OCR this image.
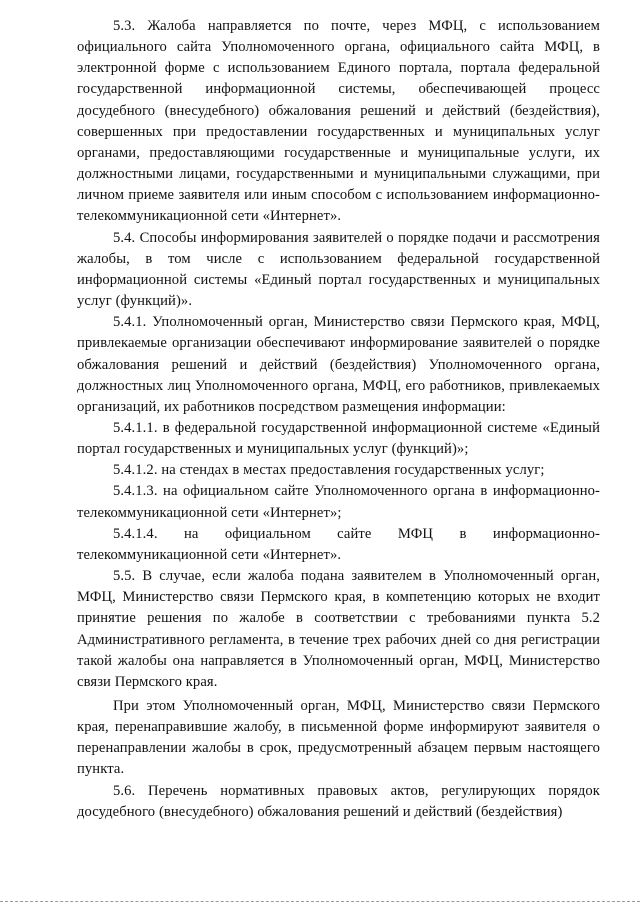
5.3. Жалоба направляется по почте, через МФЦ, с использованием официального сайта Уполномоченного органа, официального сайта МФЦ, в электронной форме с использованием Единого портала, портала федеральной государственной информационной системы, обеспечивающей процесс досудебного (внесудебного) обжалования решений и действий (бездействия), совершенных при предоставлении государственных и муниципальных услуг органами, предоставляющими государственные и муниципальные услуги, их должностными лицами, государственными и муниципальными служащими, при личном приеме заявителя или иным способом с использованием информационно-телекоммуникационной сети «Интернет».

5.4. Способы информирования заявителей о порядке подачи и рассмотрения жалобы, в том числе с использованием федеральной государственной информационной системы «Единый портал государственных и муниципальных услуг (функций)».

5.4.1. Уполномоченный орган, Министерство связи Пермского края, МФЦ, привлекаемые организации обеспечивают информирование заявителей о порядке обжалования решений и действий (бездействия) Уполномоченного органа, должностных лиц Уполномоченного органа, МФЦ, его работников, привлекаемых организаций, их работников посредством размещения информации:

5.4.1.1. в федеральной государственной информационной системе «Единый портал государственных и муниципальных услуг (функций)»;

5.4.1.2. на стендах в местах предоставления государственных услуг;

5.4.1.3. на официальном сайте Уполномоченного органа в информационно-телекоммуникационной сети «Интернет»;

5.4.1.4. на официальном сайте МФЦ в информационно-телекоммуникационной сети «Интернет».

5.5. В случае, если жалоба подана заявителем в Уполномоченный орган, МФЦ, Министерство связи Пермского края, в компетенцию которых не входит принятие решения по жалобе в соответствии с требованиями пункта 5.2 Административного регламента, в течение трех рабочих дней со дня регистрации такой жалобы она направляется в Уполномоченный орган, МФЦ, Министерство связи Пермского края.

При этом Уполномоченный орган, МФЦ, Министерство связи Пермского края, перенаправившие жалобу, в письменной форме информируют заявителя о перенаправлении жалобы в срок, предусмотренный абзацем первым настоящего пункта.

5.6. Перечень нормативных правовых актов, регулирующих порядок досудебного (внесудебного) обжалования решений и действий (бездействия)
